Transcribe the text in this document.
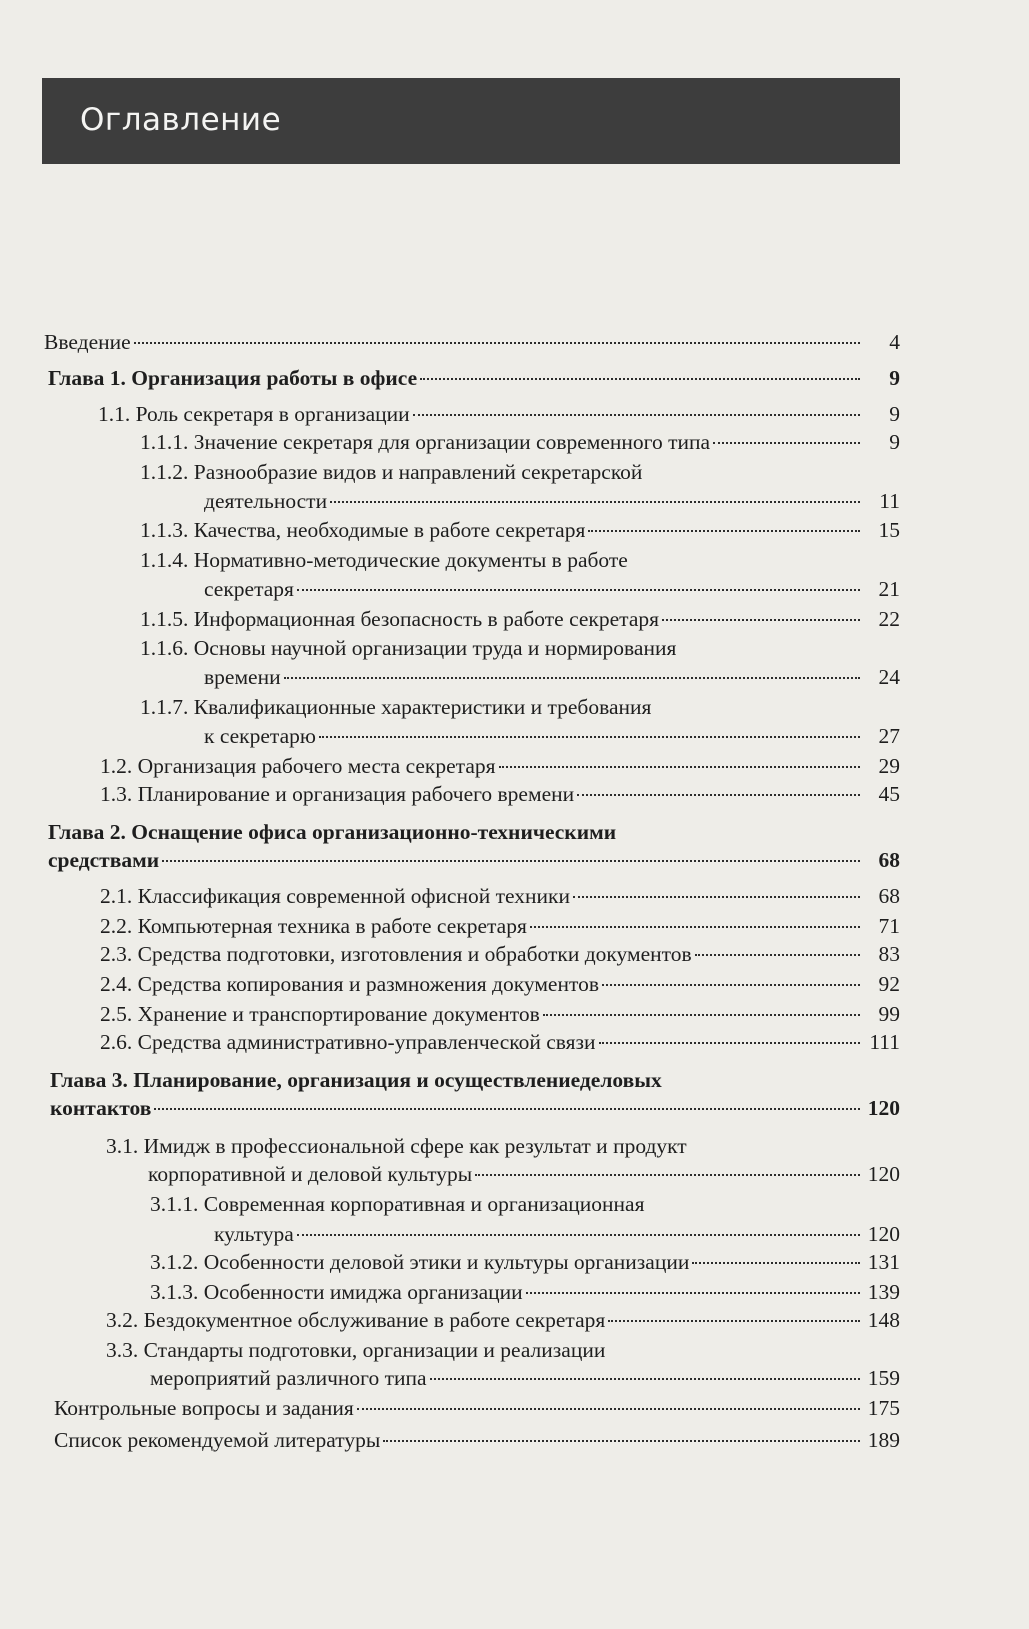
Оглавление
Введение	4
Глава 1. Организация работы в офисе	9
1.1. Роль секретаря в организации	9
1.1.1. Значение секретаря для организации современного типа	9
1.1.2. Разнообразие видов и направлений секретарской
деятельности	11
1.1.3. Качества, необходимые в работе секретаря	15
1.1.4. Нормативно-методические документы в работе
секретаря	21
1.1.5. Информационная безопасность в работе секретаря	22
1.1.6. Основы научной организации труда и нормирования
времени	24
1.1.7. Квалификационные характеристики и требования
к секретарю	27
1.2. Организация рабочего места секретаря	29
1.3. Планирование и организация рабочего времени	45
Глава 2. Оснащение офиса организационно-техническими
средствами	68
2.1. Классификация современной офисной техники	68
2.2. Компьютерная техника в работе секретаря	71
2.3. Средства подготовки, изготовления и обработки документов	83
2.4. Средства копирования и размножения документов	92
2.5. Хранение и транспортирование документов	99
2.6. Средства административно-управленческой связи	111
Глава 3. Планирование, организация и осуществлениеделовых
контактов	120
3.1. Имидж в профессиональной сфере как результат и продукт
корпоративной и деловой культуры	120
3.1.1. Современная корпоративная и организационная
культура	120
3.1.2. Особенности деловой этики и культуры организации	131
3.1.3. Особенности имиджа организации	139
3.2. Бездокументное обслуживание в работе секретаря	148
3.3. Стандарты подготовки, организации и реализации
мероприятий различного типа	159
Контрольные вопросы и задания	175
Список рекомендуемой литературы	189
